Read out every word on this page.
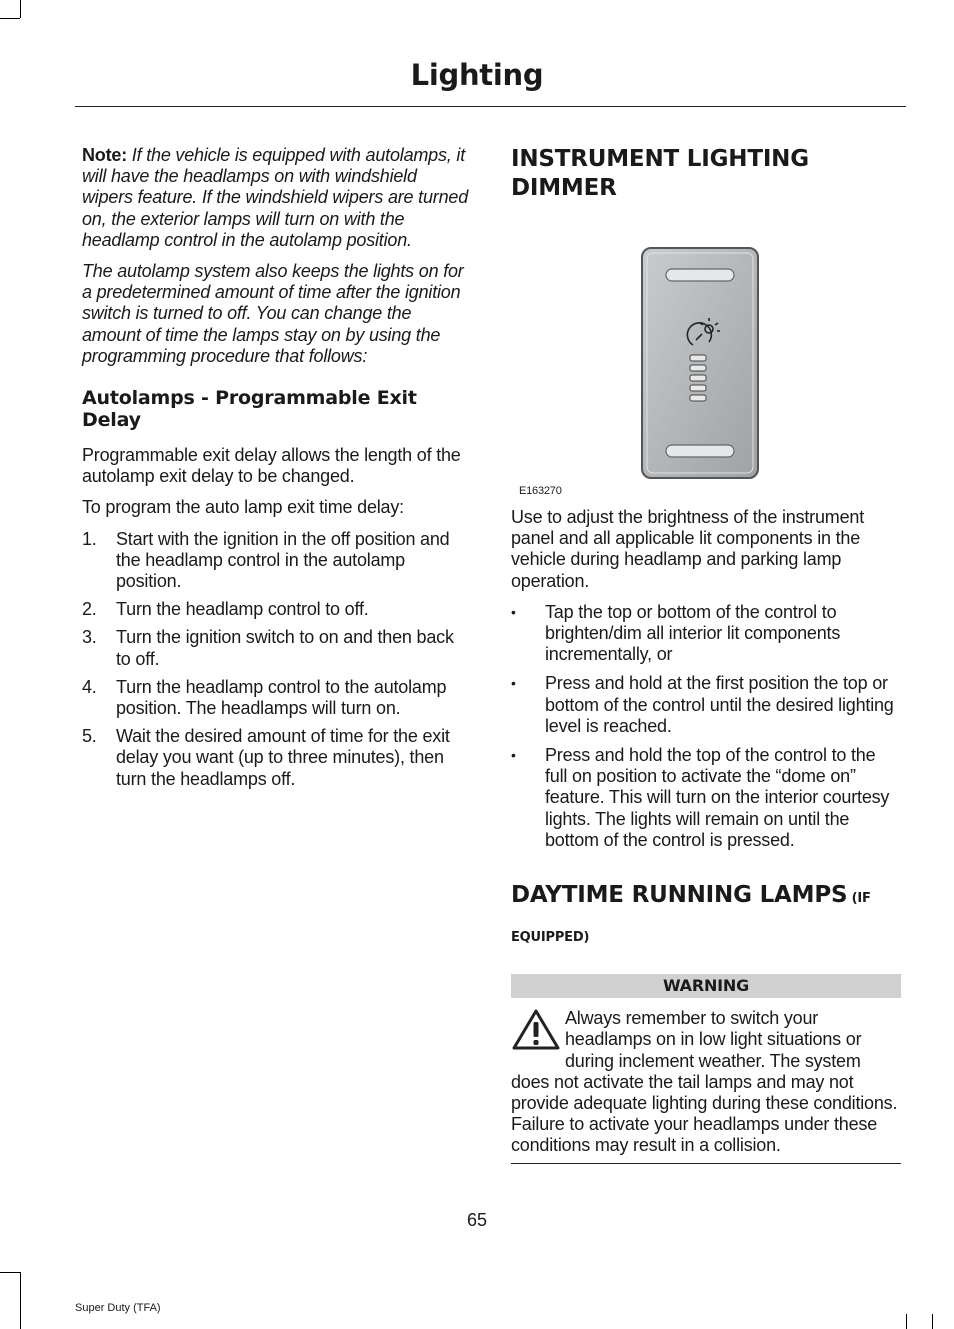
Lighting

Note: If the vehicle is equipped with autolamps, it will have the headlamps on with windshield wipers feature. If the windshield wipers are turned on, the exterior lamps will turn on with the headlamp control in the autolamp position.

The autolamp system also keeps the lights on for a predetermined amount of time after the ignition switch is turned to off. You can change the amount of time the lamps stay on by using the programming procedure that follows:

Autolamps - Programmable Exit Delay

Programmable exit delay allows the length of the autolamp exit delay to be changed.

To program the auto lamp exit time delay:

1. Start with the ignition in the off position and the headlamp control in the autolamp position.
2. Turn the headlamp control to off.
3. Turn the ignition switch to on and then back to off.
4. Turn the headlamp control to the autolamp position. The headlamps will turn on.
5. Wait the desired amount of time for the exit delay you want (up to three minutes), then turn the headlamps off.
INSTRUMENT LIGHTING DIMMER
E163270

Use to adjust the brightness of the instrument panel and all applicable lit components in the vehicle during headlamp and parking lamp operation.

• Tap the top or bottom of the control to brighten/dim all interior lit components incrementally, or
• Press and hold at the first position the top or bottom of the control until the desired lighting level is reached.
• Press and hold the top of the control to the full on position to activate the “dome on” feature. This will turn on the interior courtesy lights. The lights will remain on until the bottom of the control is pressed.
DAYTIME RUNNING LAMPS (IF
EQUIPPED)
WARNING
Always remember to switch your headlamps on in low light situations or during inclement weather. The system does not activate the tail lamps and may not provide adequate lighting during these conditions. Failure to activate your headlamps under these conditions may result in a collision.
65
Super Duty (TFA)
